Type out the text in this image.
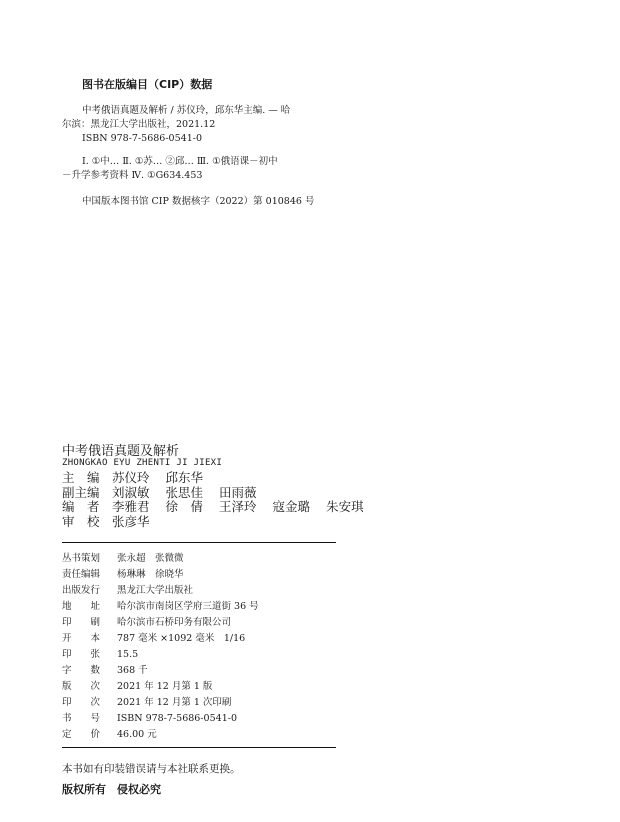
图书在版编目（CIP）数据
中考俄语真题及解析 / 苏仪玲，邱东华主编. — 哈
尔滨：黑龙江大学出版社，2021.12
ISBN 978-7-5686-0541-0
Ⅰ. ①中… Ⅱ. ①苏… ②邱… Ⅲ. ①俄语课－初中
－升学参考资料 Ⅳ. ①G634.453
中国版本图书馆 CIP 数据核字（2022）第 010846 号
中考俄语真题及解析
ZHONGKAO EYU ZHENTI JI JIEXI
主　编 苏仪玲 邱东华
副主编 刘淑敏 张思佳 田雨薇
编　者 李雅君 徐　倩 王泽玲 寇金璐 朱安琪
审　校 张彦华
丛书策划	张永超　张微微
责任编辑	杨琳琳　徐晓华
出版发行	黑龙江大学出版社
地　　址	哈尔滨市南岗区学府三道街 36 号
印　　刷	哈尔滨市石桥印务有限公司
开　　本	787 毫米 ×1092 毫米　1/16
印　　张	15.5
字　　数	368 千
版　　次	2021 年 12 月第 1 版
印　　次	2021 年 12 月第 1 次印刷
书　　号	ISBN 978-7-5686-0541-0
定　　价	46.00 元
本书如有印装错误请与本社联系更换。
版权所有　侵权必究
